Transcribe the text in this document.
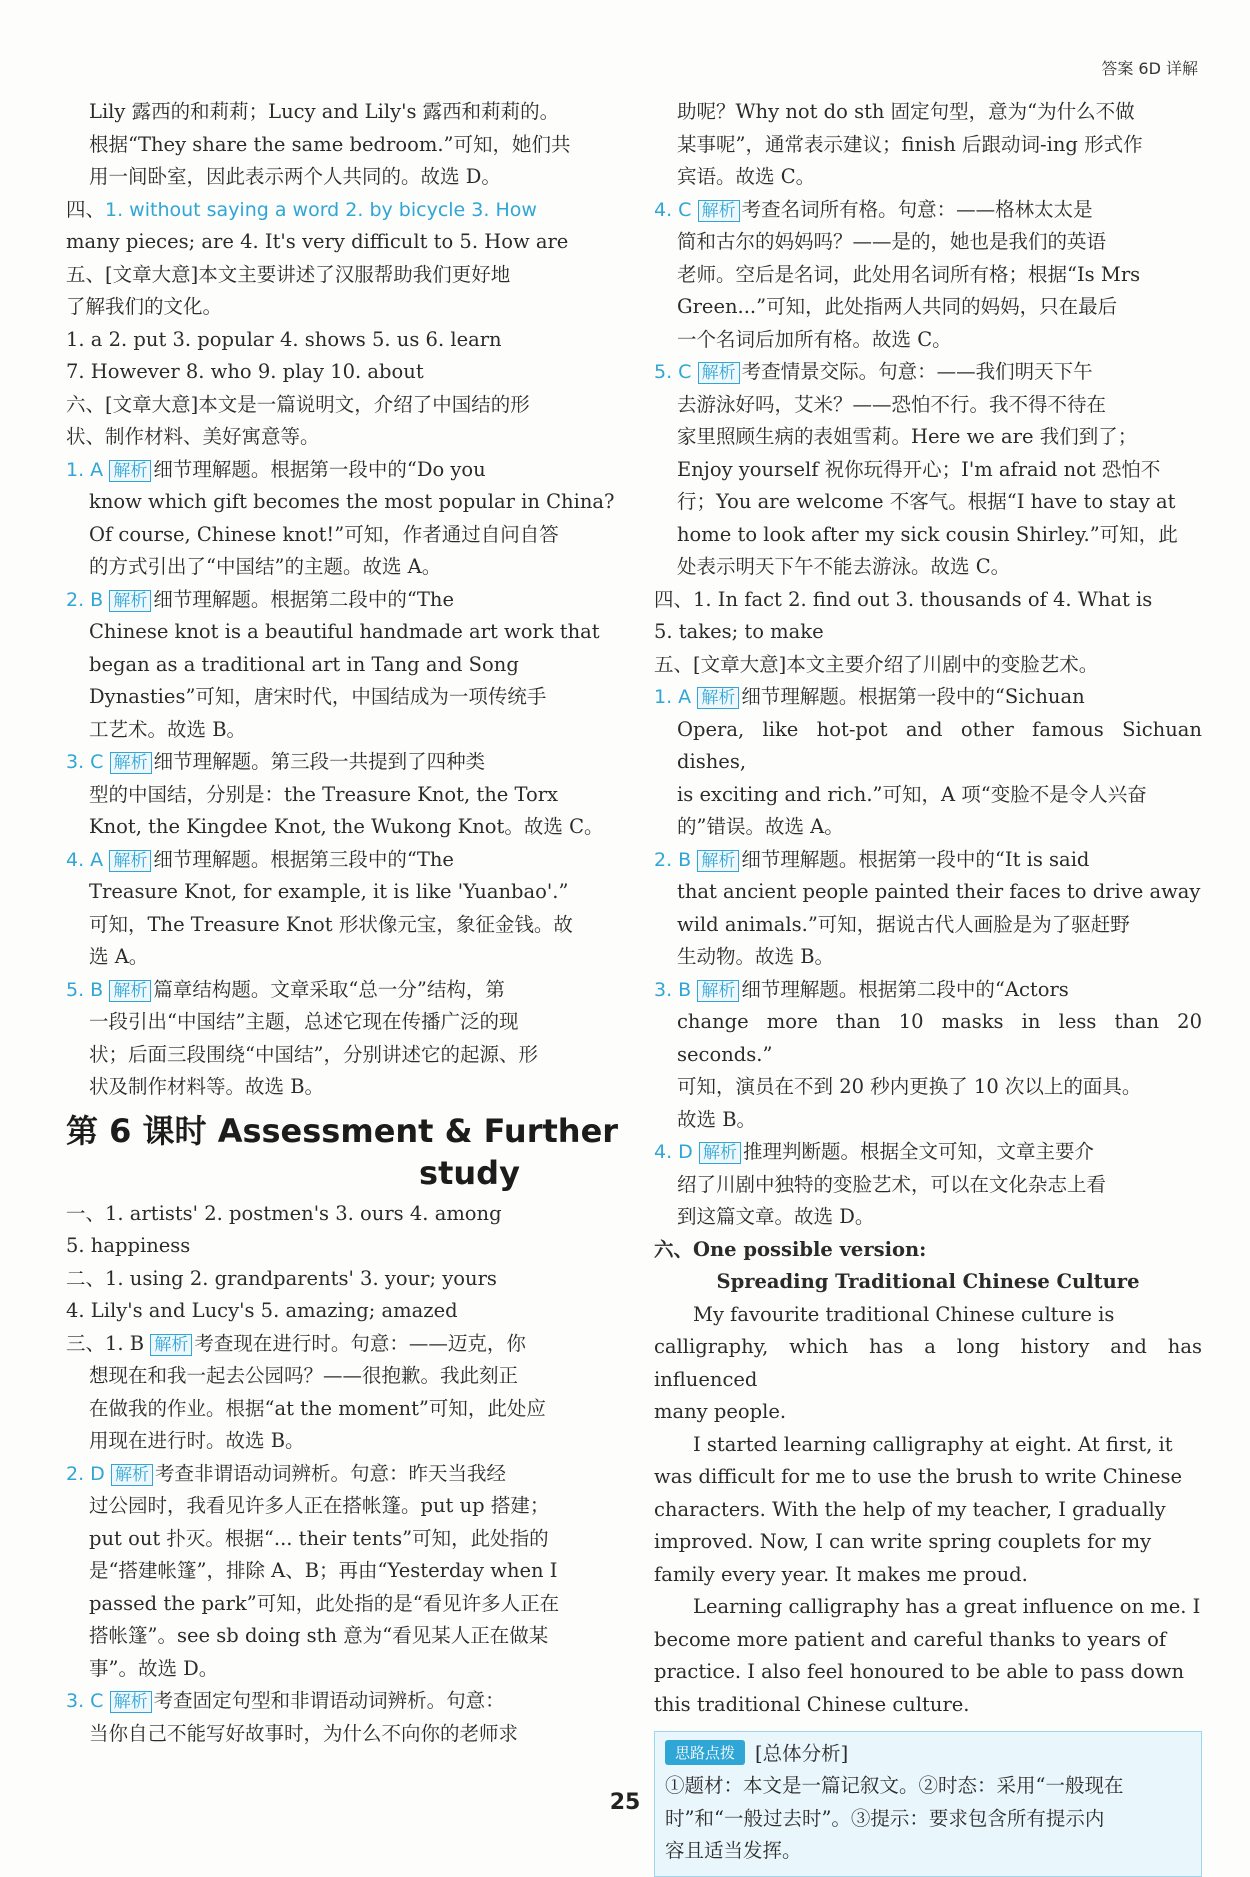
答案 6D 详解

Lily 露西的和莉莉；Lucy and Lily's 露西和莉莉的。

根据“They share the same bedroom.”可知，她们共

用一间卧室，因此表示两个人共同的。故选 D。

四、1. without saying a word 2. by bicycle 3. How

many pieces; are 4. It's very difficult to 5. How are

五、[文章大意]本文主要讲述了汉服帮助我们更好地

了解我们的文化。

1. a 2. put 3. popular 4. shows 5. us 6. learn

7. However 8. who 9. play 10. about

六、[文章大意]本文是一篇说明文，介绍了中国结的形

状、制作材料、美好寓意等。

1. A 解析 细节理解题。根据第一段中的“Do you

know which gift becomes the most popular in China?

Of course, Chinese knot!”可知，作者通过自问自答

的方式引出了“中国结”的主题。故选 A。

2. B 解析 细节理解题。根据第二段中的“The

Chinese knot is a beautiful handmade art work that

began as a traditional art in Tang and Song

Dynasties”可知，唐宋时代，中国结成为一项传统手

工艺术。故选 B。

3. C 解析 细节理解题。第三段一共提到了四种类

型的中国结，分别是：the Treasure Knot, the Torx

Knot, the Kingdee Knot, the Wukong Knot。故选 C。

4. A 解析 细节理解题。根据第三段中的“The

Treasure Knot, for example, it is like 'Yuanbao'.”

可知，The Treasure Knot 形状像元宝，象征金钱。故

选 A。

5. B 解析 篇章结构题。文章采取“总一分”结构，第

一段引出“中国结”主题，总述它现在传播广泛的现

状；后面三段围绕“中国结”，分别讲述它的起源、形

状及制作材料等。故选 B。

第 6 课时 Assessment & Further
study

一、1. artists' 2. postmen's 3. ours 4. among

5. happiness

二、1. using 2. grandparents' 3. your; yours

4. Lily's and Lucy's 5. amazing; amazed

三、1. B 解析 考查现在进行时。句意：——迈克，你

想现在和我一起去公园吗？——很抱歉。我此刻正

在做我的作业。根据“at the moment”可知，此处应

用现在进行时。故选 B。

2. D 解析 考查非谓语动词辨析。句意：昨天当我经

过公园时，我看见许多人正在搭帐篷。put up 搭建；

put out 扑灭。根据“... their tents”可知，此处指的

是“搭建帐篷”，排除 A、B；再由“Yesterday when I

passed the park”可知，此处指的是“看见许多人正在

搭帐篷”。see sb doing sth 意为“看见某人正在做某

事”。故选 D。

3. C 解析 考查固定句型和非谓语动词辨析。句意：

当你自己不能写好故事时，为什么不向你的老师求

助呢？Why not do sth 固定句型，意为“为什么不做

某事呢”，通常表示建议；finish 后跟动词-ing 形式作

宾语。故选 C。

4. C 解析 考查名词所有格。句意：——格林太太是

简和古尔的妈妈吗？——是的，她也是我们的英语

老师。空后是名词，此处用名词所有格；根据“Is Mrs

Green...”可知，此处指两人共同的妈妈，只在最后

一个名词后加所有格。故选 C。

5. C 解析 考查情景交际。句意：——我们明天下午

去游泳好吗，艾米？——恐怕不行。我不得不待在

家里照顾生病的表姐雪莉。Here we are 我们到了；

Enjoy yourself 祝你玩得开心；I'm afraid not 恐怕不

行；You are welcome 不客气。根据“I have to stay at

home to look after my sick cousin Shirley.”可知，此

处表示明天下午不能去游泳。故选 C。

四、1. In fact 2. find out 3. thousands of 4. What is

5. takes; to make

五、[文章大意]本文主要介绍了川剧中的变脸艺术。

1. A 解析 细节理解题。根据第一段中的“Sichuan

Opera, like hot-pot and other famous Sichuan dishes,

is exciting and rich.”可知，A 项“变脸不是令人兴奋

的”错误。故选 A。

2. B 解析 细节理解题。根据第一段中的“It is said

that ancient people painted their faces to drive away

wild animals.”可知，据说古代人画脸是为了驱赶野

生动物。故选 B。

3. B 解析 细节理解题。根据第二段中的“Actors

change more than 10 masks in less than 20 seconds.”

可知，演员在不到 20 秒内更换了 10 次以上的面具。

故选 B。

4. D 解析 推理判断题。根据全文可知，文章主要介

绍了川剧中独特的变脸艺术，可以在文化杂志上看

到这篇文章。故选 D。

六、One possible version:

Spreading Traditional Chinese Culture

My favourite traditional Chinese culture is

calligraphy, which has a long history and has influenced

many people.

I started learning calligraphy at eight. At first, it

was difficult for me to use the brush to write Chinese

characters. With the help of my teacher, I gradually

improved. Now, I can write spring couplets for my

family every year. It makes me proud.

Learning calligraphy has a great influence on me. I

become more patient and careful thanks to years of

practice. I also feel honoured to be able to pass down

this traditional Chinese culture.

思路点拨	[总体分析]

①题材：本文是一篇记叙文。②时态：采用“一般现在

时”和“一般过去时”。③提示：要求包含所有提示内

容且适当发挥。

25
